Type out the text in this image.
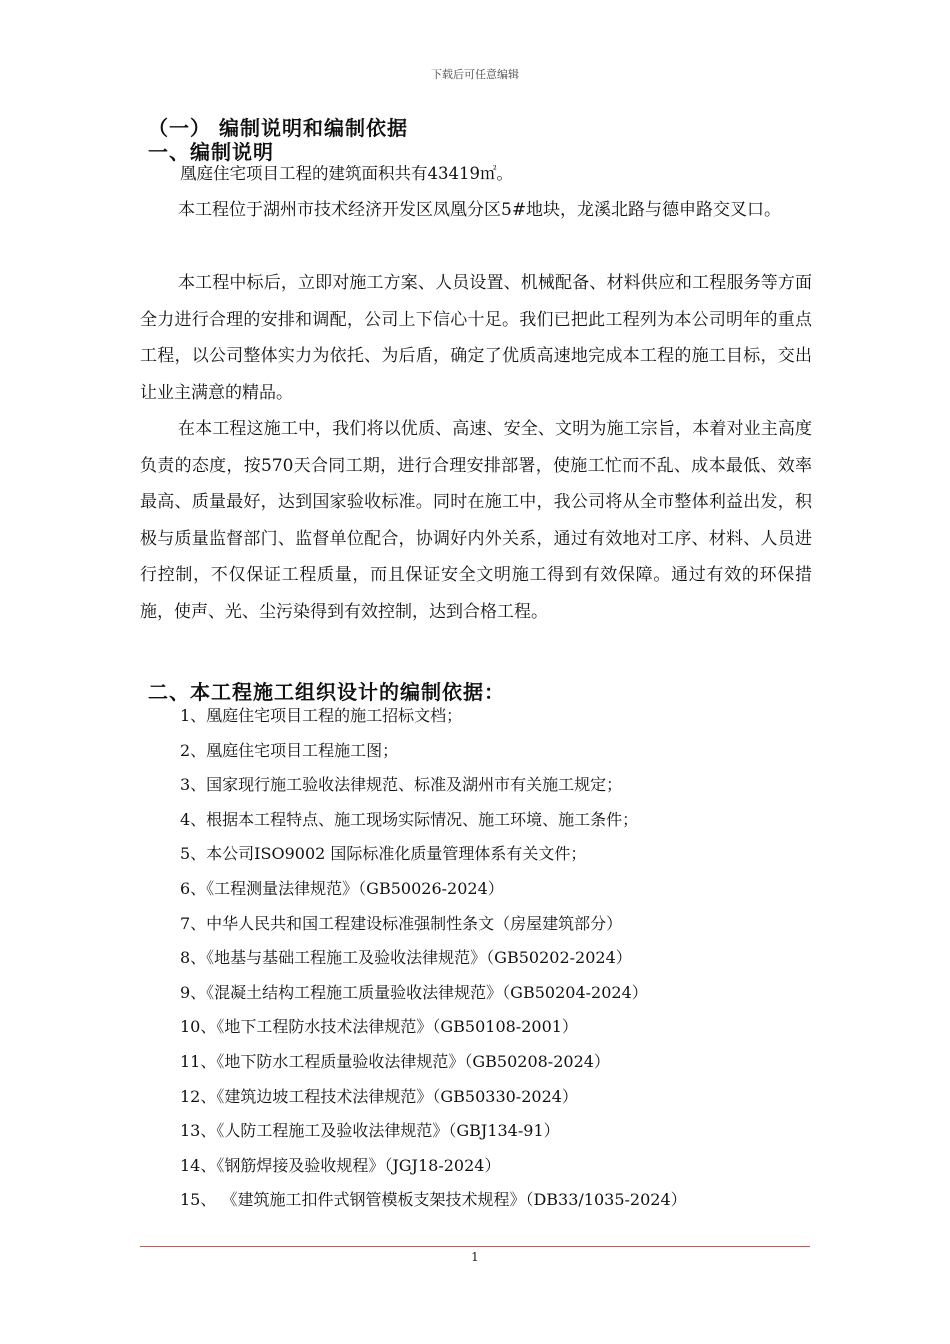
下载后可任意编辑
（一） 编制说明和编制依据
一、编制说明
凰庭住宅项目工程的建筑面积共有43419㎡。
本工程位于湖州市技术经济开发区凤凰分区5#地块，龙溪北路与德申路交叉口。
本工程中标后，立即对施工方案、人员设置、机械配备、材料供应和工程服务等方面全力进行合理的安排和调配，公司上下信心十足。我们已把此工程列为本公司明年的重点工程，以公司整体实力为依托、为后盾，确定了优质高速地完成本工程的施工目标，交出让业主满意的精品。
在本工程这施工中，我们将以优质、高速、安全、文明为施工宗旨，本着对业主高度负责的态度，按570天合同工期，进行合理安排部署，使施工忙而不乱、成本最低、效率最高、质量最好，达到国家验收标准。同时在施工中，我公司将从全市整体利益出发，积极与质量监督部门、监督单位配合，协调好内外关系，通过有效地对工序、材料、人员进行控制，不仅保证工程质量，而且保证安全文明施工得到有效保障。通过有效的环保措施，使声、光、尘污染得到有效控制，达到合格工程。
二、本工程施工组织设计的编制依据：
1、凰庭住宅项目工程的施工招标文档；
2、凰庭住宅项目工程施工图；
3、国家现行施工验收法律规范、标准及湖州市有关施工规定；
4、根据本工程特点、施工现场实际情况、施工环境、施工条件；
5、本公司ISO9002 国际标准化质量管理体系有关文件；
6、《工程测量法律规范》（GB50026-2024）
7、中华人民共和国工程建设标准强制性条文（房屋建筑部分）
8、《地基与基础工程施工及验收法律规范》（GB50202-2024）
9、《混凝土结构工程施工质量验收法律规范》（GB50204-2024）
10、《地下工程防水技术法律规范》（GB50108-2001）
11、《地下防水工程质量验收法律规范》（GB50208-2024）
12、《建筑边坡工程技术法律规范》（GB50330-2024）
13、《人防工程施工及验收法律规范》（GBJ134-91）
14、《钢筋焊接及验收规程》（JGJ18-2024）
15、 《建筑施工扣件式钢管模板支架技术规程》（DB33/1035-2024）
1
